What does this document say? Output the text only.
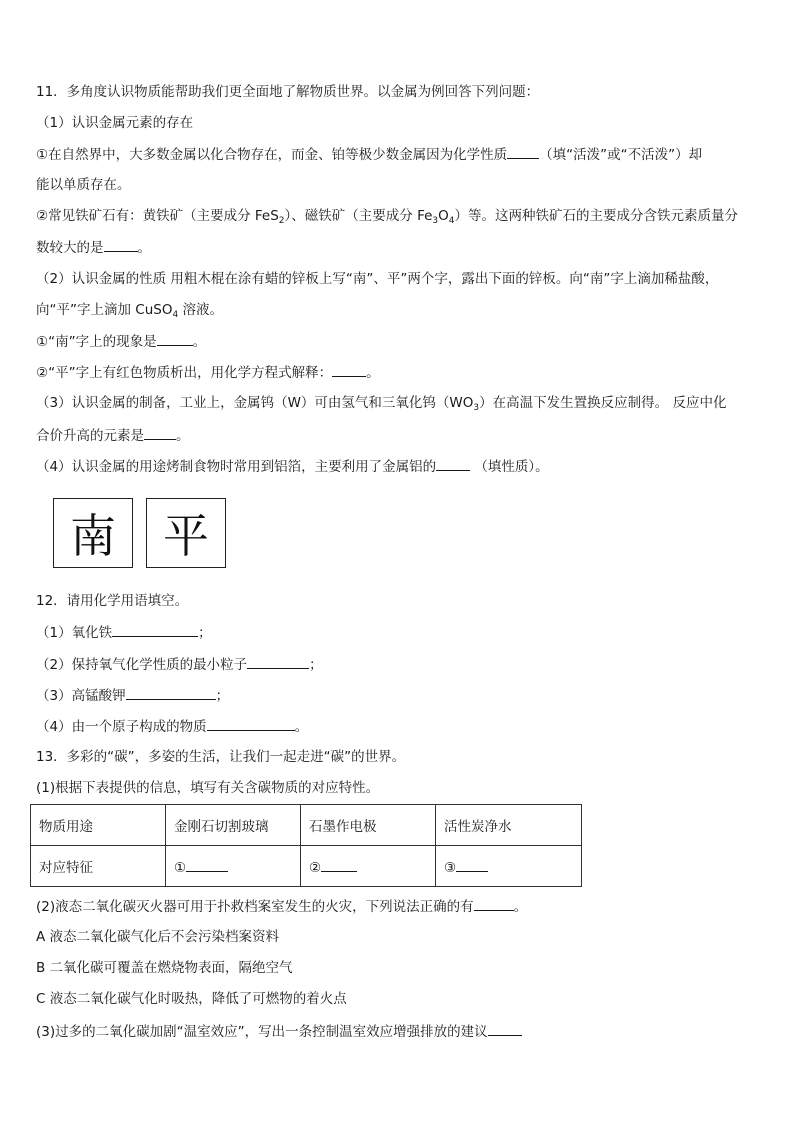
11．多角度认识物质能帮助我们更全面地了解物质世界。以金属为例回答下列问题：
（1）认识金属元素的存在
①在自然界中，大多数金属以化合物存在，而金、铂等极少数金属因为化学性质 （填“活泼”或“不活泼”）却
能以单质存在。
②常见铁矿石有：黄铁矿（主要成分 FeS$_2$）、磁铁矿（主要成分 $Fe_3O_4$）等。这两种铁矿石的主要成分含铁元素质量分
数较大的是	。
（2）认识金属的性质 用粗木棍在涂有蜡的锌板上写“南”、平”两个字，露出下面的锌板。向“南”字上滴加稀盐酸，
向“平”字上滴加 CuSO$_4$ 溶液。
①“南”字上的现象是	。
②“平”字上有红色物质析出，用化学方程式解释：	。
（3）认识金属的制备，工业上，金属钨（W）可由氢气和三氧化钨$(WO_3)$在高温下发生置换反应制得。 反应中化
合价升高的元素是 。
（4）认识金属的用途烤制食物时常用到铝箔，主要利用了金属铝的	（填性质）。
南	平
12．请用化学用语填空。
（1）氧化铁	；
（2）保持氧气化学性质的最小粒子	；
（3）高锰酸钾	；
（4）由一个原子构成的物质	。
13．多彩的“碳”，多姿的生活，让我们一起走进“碳”的世界。
(1)根据下表提供的信息，填写有关含碳物质的对应特性。
物质用途	金刚石切割玻璃	石墨作电极	活性炭净水
对应特征	①	②	③
(2)液态二氧化碳灭火器可用于扑救档案室发生的火灾，下列说法正确的有	。
A 液态二氧化碳气化后不会污染档案资料
B 二氧化碳可覆盖在燃烧物表面，隔绝空气
C 液态二氧化碳气化时吸热，降低了可燃物的着火点
(3)过多的二氧化碳加剧“温室效应”，写出一条控制温室效应增强排放的建议
